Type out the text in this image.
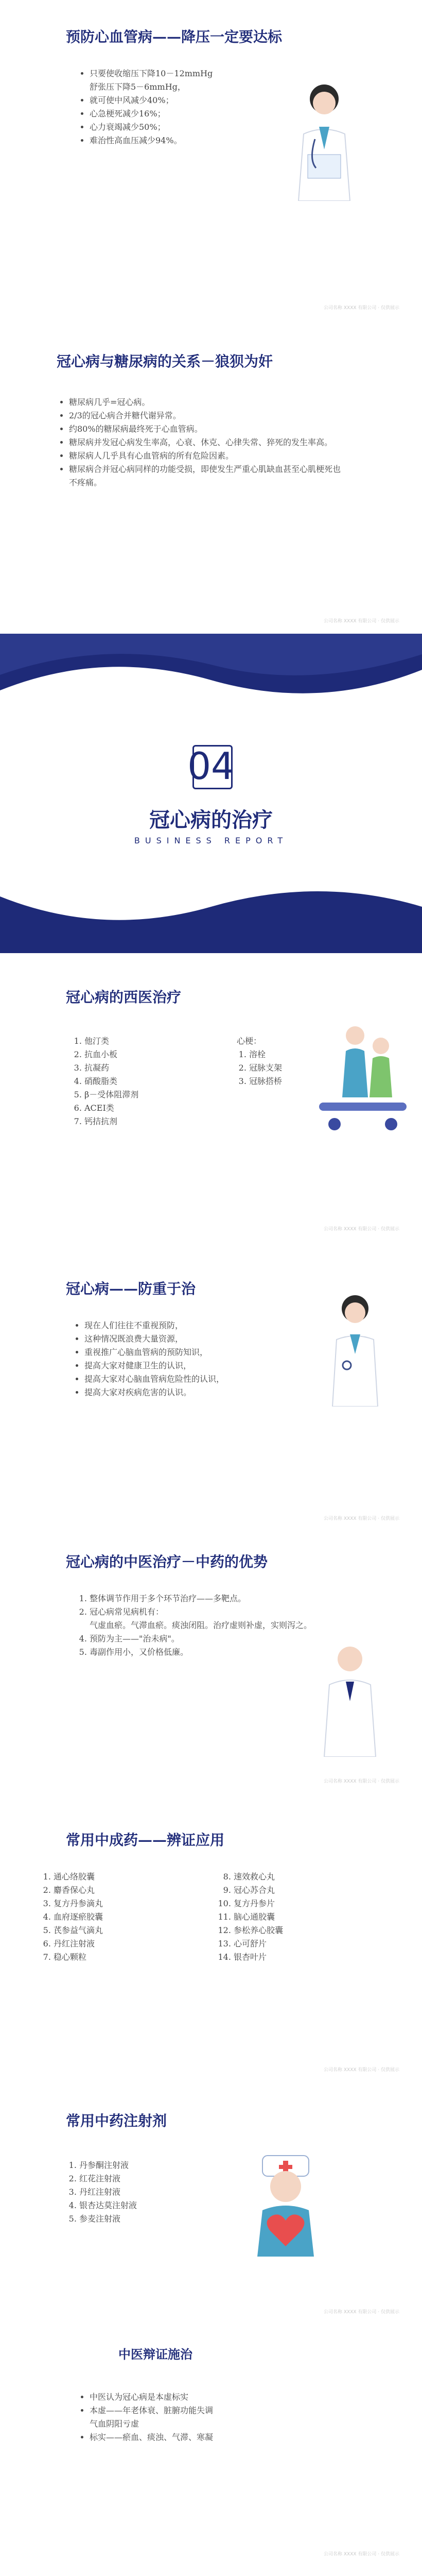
预防心血管病——降压一定要达标
• 只要使收缩压下降10－12mmHg
舒张压下降5－6mmHg，
• 就可使中风减少40%；
• 心急梗死减少16%；
• 心力衰竭减少50%；
• 难治性高血压减少94%。
公司名称 XXXX 有限公司 · 仅供展示
冠心病与糖尿病的关系－狼狈为奸
• 糖尿病几乎=冠心病。
• 2/3的冠心病合并糖代谢异常。
• 约80%的糖尿病最终死于心血管病。
• 糖尿病并发冠心病发生率高，心衰、休克、心律失常、猝死的发生率高。
• 糖尿病人几乎具有心血管病的所有危险因素。
• 糖尿病合并冠心病同样的功能受损，即使发生严重心肌缺血甚至心肌梗死也不疼痛。
公司名称 XXXX 有限公司 · 仅供展示
04
冠心病的治疗
BUSINESS REPORT
冠心病的西医治疗
1. 他汀类
2. 抗血小板
3. 抗凝药
4. 硝酸脂类
5. β－受体阻滞剂
6. ACEI类
7. 钙拮抗剂
心梗：
1. 溶栓
2. 冠脉支架
3. 冠脉搭桥
公司名称 XXXX 有限公司 · 仅供展示
冠心病——防重于治
• 现在人们往往不重视预防，
• 这种情况既浪费大量资源，
• 重视推广心脑血管病的预防知识，
• 提高大家对健康卫生的认识，
• 提高大家对心脑血管病危险性的认识，
• 提高大家对疾病危害的认识。
公司名称 XXXX 有限公司 · 仅供展示
冠心病的中医治疗－中药的优势
1. 整体调节作用于多个环节治疗——多靶点。
2. 冠心病常见病机有：
气虚血瘀。气滞血瘀。痰浊闭阻。治疗虚则补虚，实则泻之。
4. 预防为主——"治未病"。
5. 毒副作用小，又价格低廉。
公司名称 XXXX 有限公司 · 仅供展示
常用中成药——辨证应用
1. 通心络胶囊
2. 麝香保心丸
3. 复方丹参滴丸
4. 血府逐瘀胶囊
5. 芪参益气滴丸
6. 丹红注射液
7. 稳心颗粒
8. 速效救心丸
9. 冠心苏合丸
10. 复方丹参片
11. 脑心通胶囊
12. 参松养心胶囊
13. 心可舒片
14. 银杏叶片
公司名称 XXXX 有限公司 · 仅供展示
常用中药注射剂
1. 丹参酮注射液
2. 红花注射液
3. 丹红注射液
4. 银杏达莫注射液
5. 参麦注射液
公司名称 XXXX 有限公司 · 仅供展示
中医辩证施治
• 中医认为冠心病是本虚标实
• 本虚——年老体衰、脏腑功能失调
气血阴阳亏虚
• 标实——瘀血、痰浊、气滞、寒凝
公司名称 XXXX 有限公司 · 仅供展示
